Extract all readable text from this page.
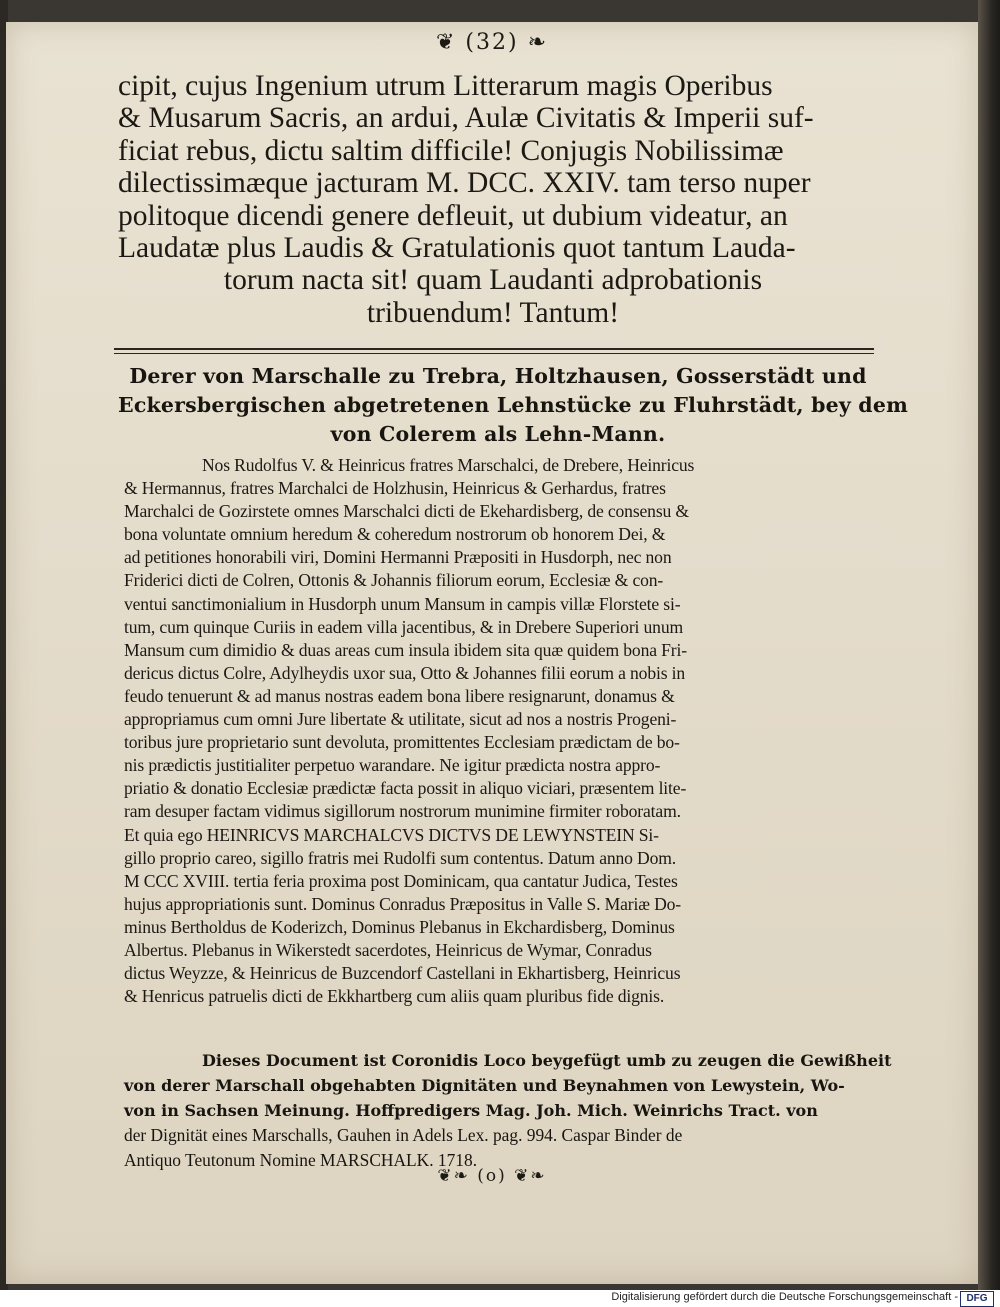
❦ (32) ❧
cipit, cujus Ingenium utrum Litterarum magis Operibus
& Musarum Sacris, an ardui, Aulæ Civitatis & Imperii suf-
ficiat rebus, dictu saltim difficile! Conjugis Nobilissimæ
dilectissimæque jacturam M. DCC. XXIV. tam terso nuper
politoque dicendi genere defleuit, ut dubium videatur, an
Laudatæ plus Laudis & Gratulationis quot tantum Lauda-
torum nacta sit! quam Laudanti adprobationis
tribuendum! Tantum!
Derer von Marschalle zu Trebra, Holtzhausen, Gosserstädt und
Eckersbergischen abgetretenen Lehnstücke zu Fluhrstädt, bey dem
von Colerem als Lehn-Mann.
Nos Rudolfus V. & Heinricus fratres Marschalci, de Drebere, Heinricus
& Hermannus, fratres Marchalci de Holzhusin, Heinricus & Gerhardus, fratres
Marchalci de Gozirstete omnes Marschalci dicti de Ekehardisberg, de consensu &
bona voluntate omnium heredum & coheredum nostrorum ob honorem Dei, &
ad petitiones honorabili viri, Domini Hermanni Præpositi in Husdorph, nec non
Friderici dicti de Colren, Ottonis & Johannis filiorum eorum, Ecclesiæ & con-
ventui sanctimonialium in Husdorph unum Mansum in campis villæ Florstete si-
tum, cum quinque Curiis in eadem villa jacentibus, & in Drebere Superiori unum
Mansum cum dimidio & duas areas cum insula ibidem sita quæ quidem bona Fri-
dericus dictus Colre, Adylheydis uxor sua, Otto & Johannes filii eorum a nobis in
feudo tenuerunt & ad manus nostras eadem bona libere resignarunt, donamus &
appropriamus cum omni Jure libertate & utilitate, sicut ad nos a nostris Progeni-
toribus jure proprietario sunt devoluta, promittentes Ecclesiam prædictam de bo-
nis prædictis justitialiter perpetuo warandare. Ne igitur prædicta nostra appro-
priatio & donatio Ecclesiæ prædictæ facta possit in aliquo viciari, præsentem lite-
ram desuper factam vidimus sigillorum nostrorum munimine firmiter roboratam.
Et quia ego HEINRICVS MARCHALCVS DICTVS DE LEWYNSTEIN Si-
gillo proprio careo, sigillo fratris mei Rudolfi sum contentus. Datum anno Dom.
M CCC XVIII. tertia feria proxima post Dominicam, qua cantatur Judica, Testes
hujus appropriationis sunt. Dominus Conradus Præpositus in Valle S. Mariæ Do-
minus Bertholdus de Koderizch, Dominus Plebanus in Ekchardisberg, Dominus
Albertus. Plebanus in Wikerstedt sacerdotes, Heinricus de Wymar, Conradus
dictus Weyzze, & Heinricus de Buzcendorf Castellani in Ekhartisberg, Heinricus
& Henricus patruelis dicti de Ekkhartberg cum aliis quam pluribus fide dignis.
Dieses Document ist Coronidis Loco beygefügt umb zu zeugen die Gewißheit
von derer Marschall obgehabten Dignitäten und Beynahmen von Lewystein, Wo-
von in Sachsen Meinung. Hoffpredigers Mag. Joh. Mich. Weinrichs Tract. von
der Dignität eines Marschalls, Gauhen in Adels Lex. pag. 994. Caspar Binder de
Antiquo Teutonum Nomine MARSCHALK. 1718.
❦❧ (o) ❦❧
Digitalisierung gefördert durch die Deutsche Forschungsgemeinschaft - DFG
